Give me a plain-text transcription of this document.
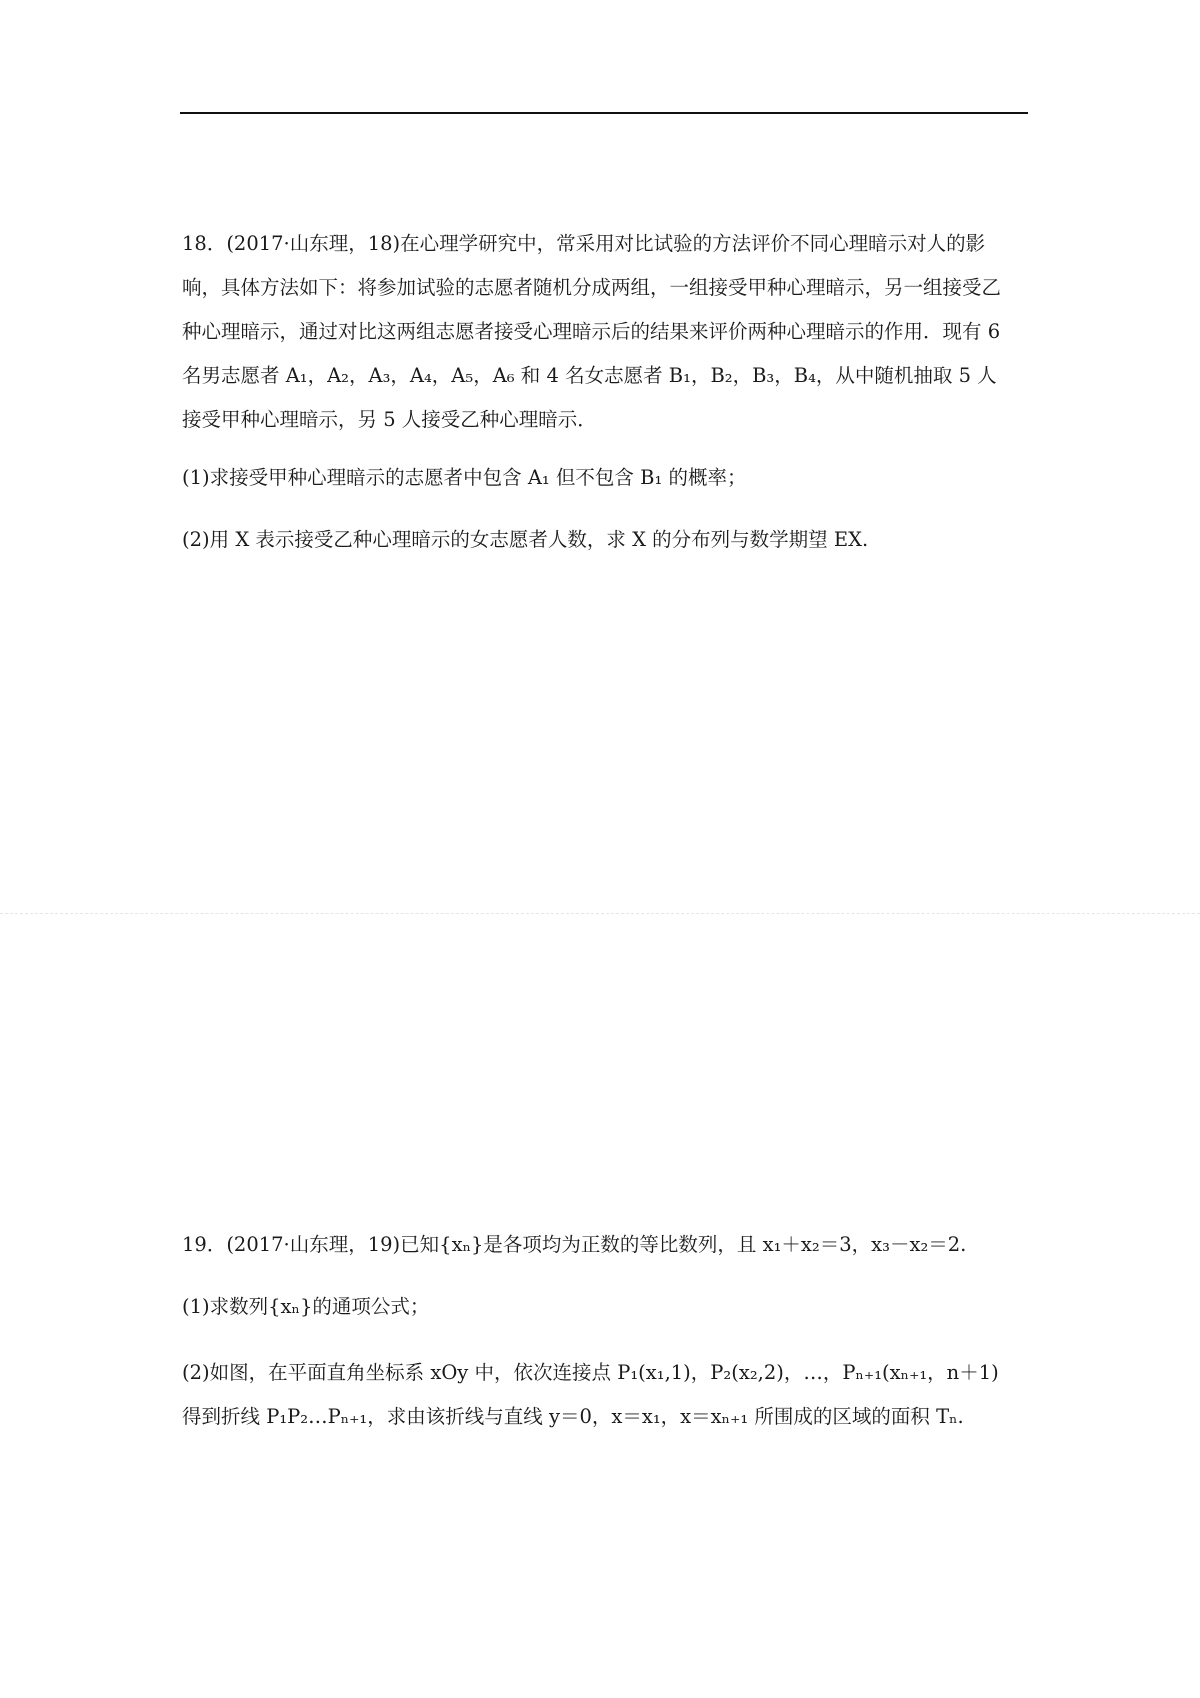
18．(2017·山东理，18)在心理学研究中，常采用对比试验的方法评价不同心理暗示对人的影响，具体方法如下：将参加试验的志愿者随机分成两组，一组接受甲种心理暗示，另一组接受乙种心理暗示，通过对比这两组志愿者接受心理暗示后的结果来评价两种心理暗示的作用．现有 6 名男志愿者 A₁，A₂，A₃，A₄，A₅，A₆ 和 4 名女志愿者 B₁，B₂，B₃，B₄，从中随机抽取 5 人接受甲种心理暗示，另 5 人接受乙种心理暗示．

(1)求接受甲种心理暗示的志愿者中包含 A₁ 但不包含 B₁ 的概率；

(2)用 X 表示接受乙种心理暗示的女志愿者人数，求 X 的分布列与数学期望 EX.

19．(2017·山东理，19)已知{xₙ}是各项均为正数的等比数列，且 x₁＋x₂＝3，x₃－x₂＝2.

(1)求数列{xₙ}的通项公式；

(2)如图，在平面直角坐标系 xOy 中，依次连接点 P₁(x₁,1)，P₂(x₂,2)，…，Pₙ₊₁(xₙ₊₁，n＋1)得到折线 P₁P₂…Pₙ₊₁，求由该折线与直线 y＝0，x＝x₁，x＝xₙ₊₁ 所围成的区域的面积 Tₙ.
